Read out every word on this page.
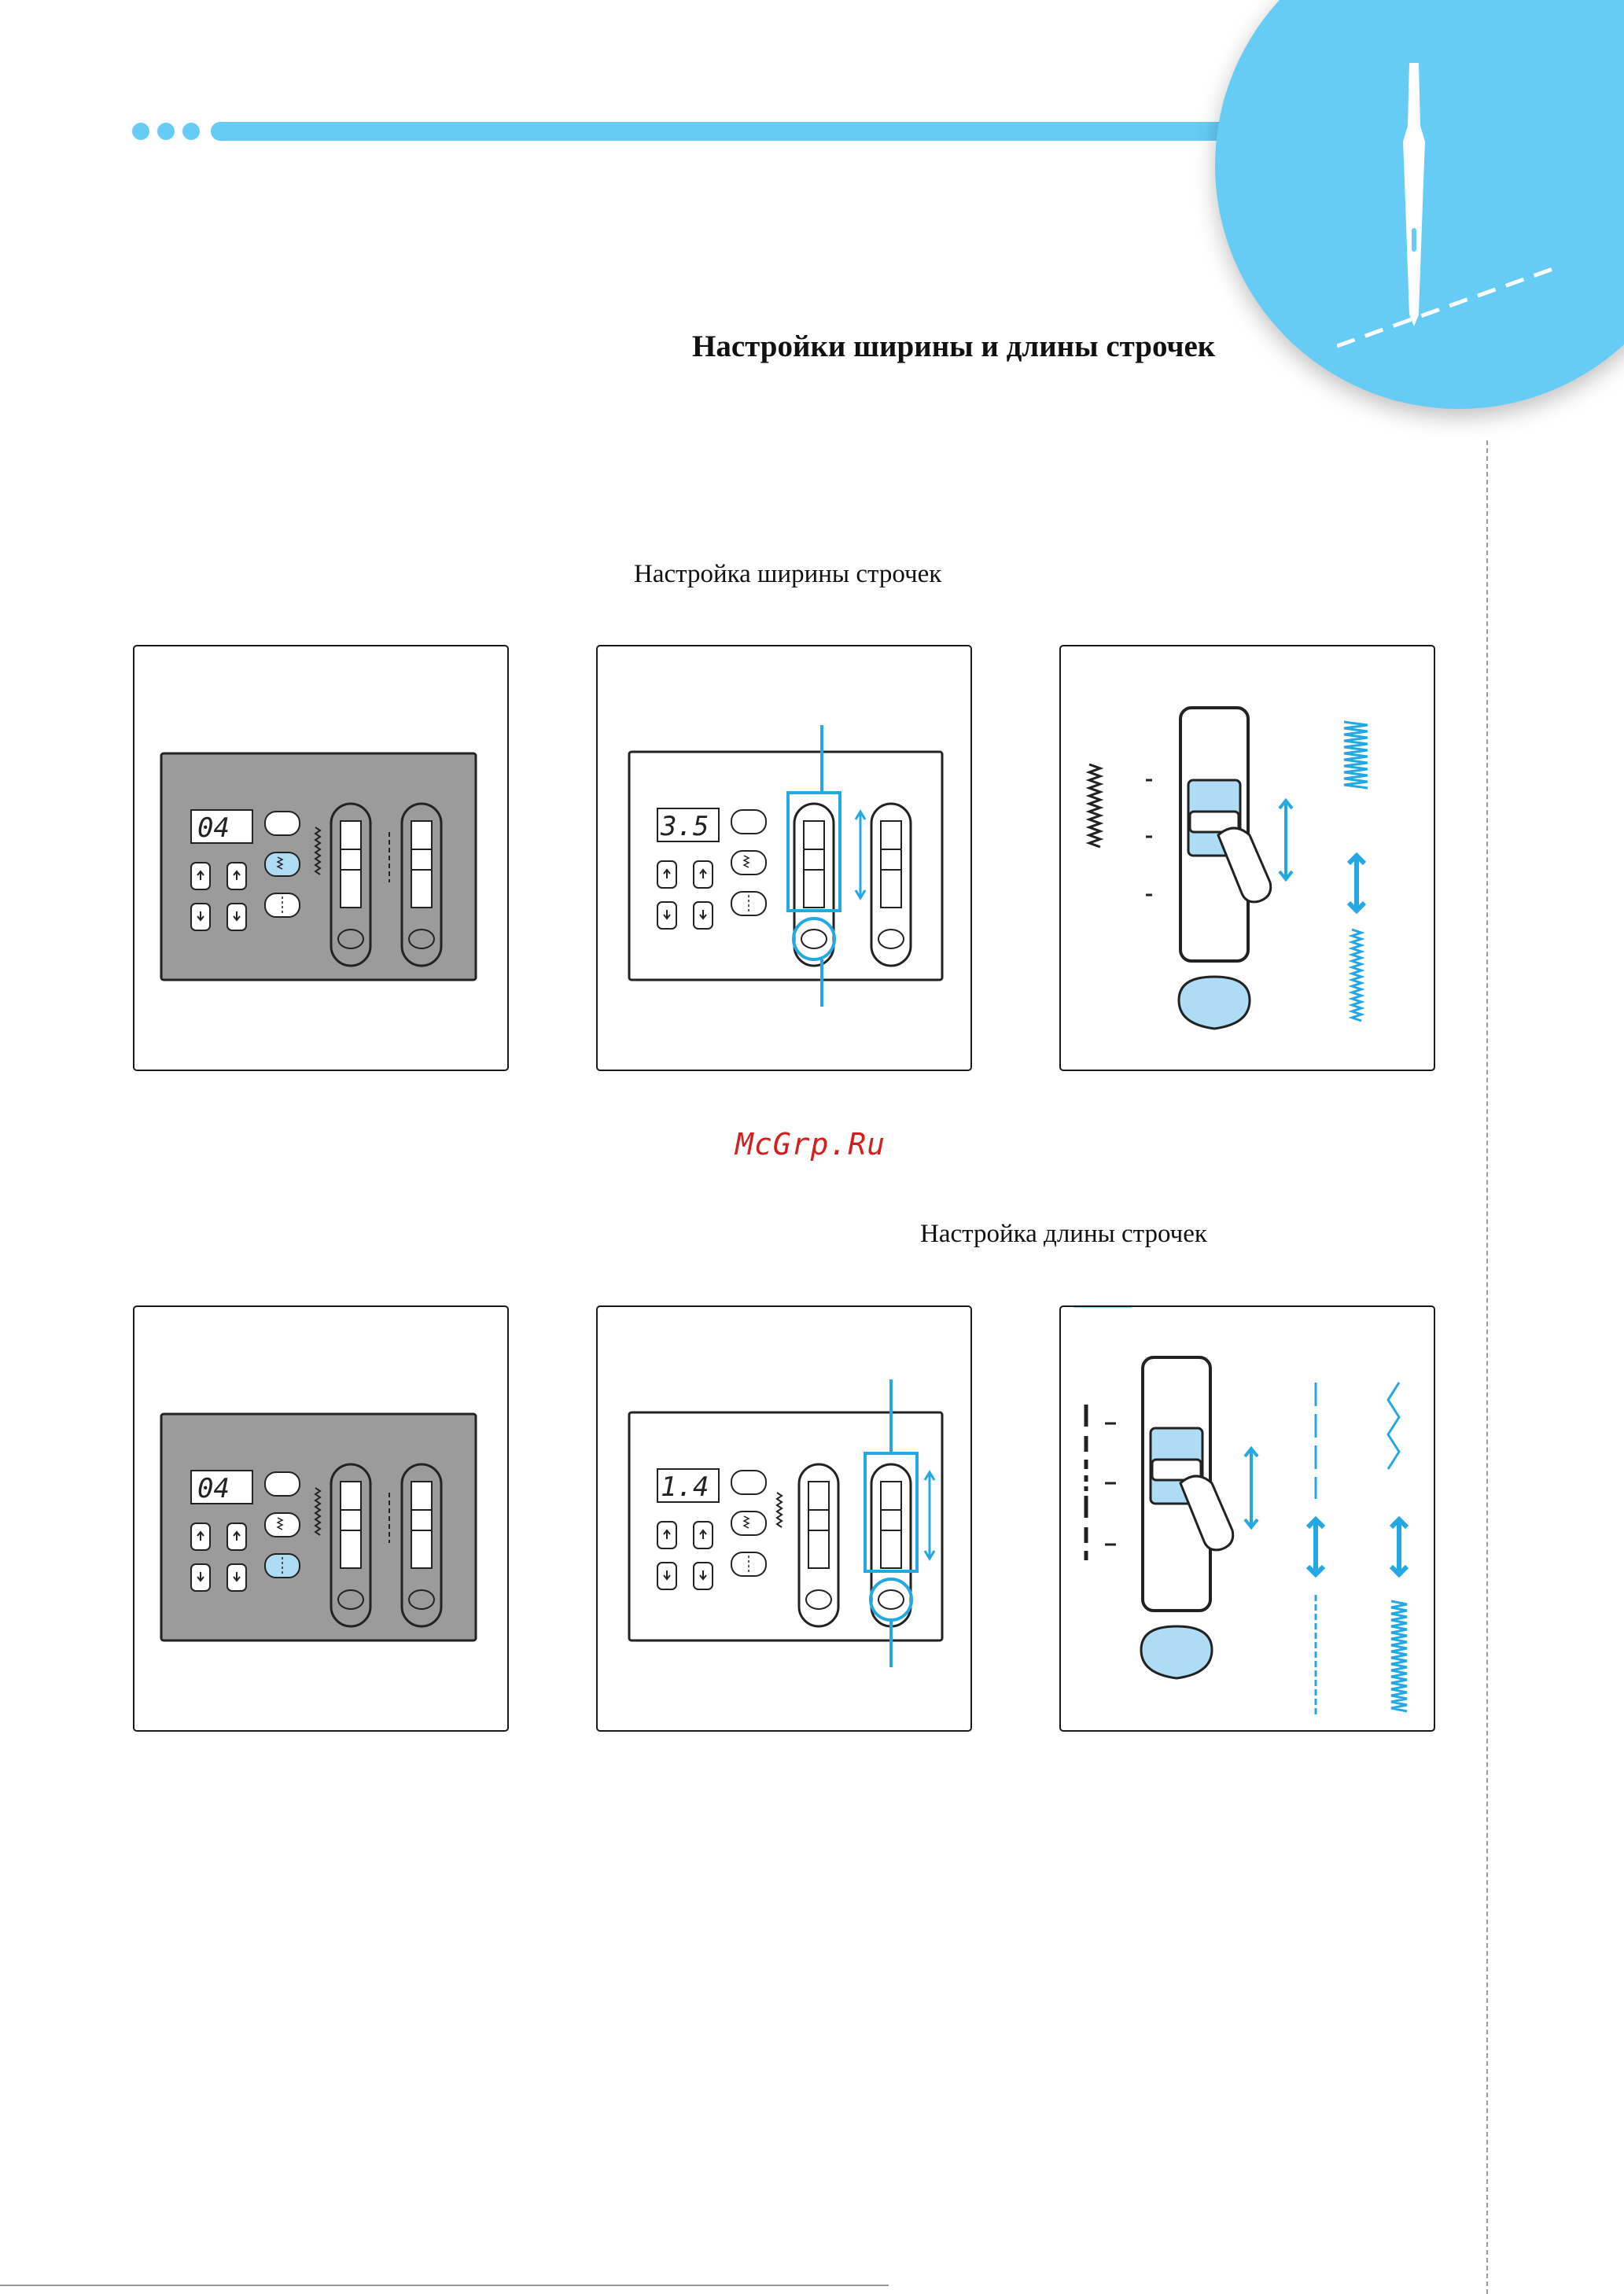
Настройки ширины и длины строчек
Настройка ширины строчек
04	3.5
McGrp.Ru
Настройка длины строчек
04	1.4
